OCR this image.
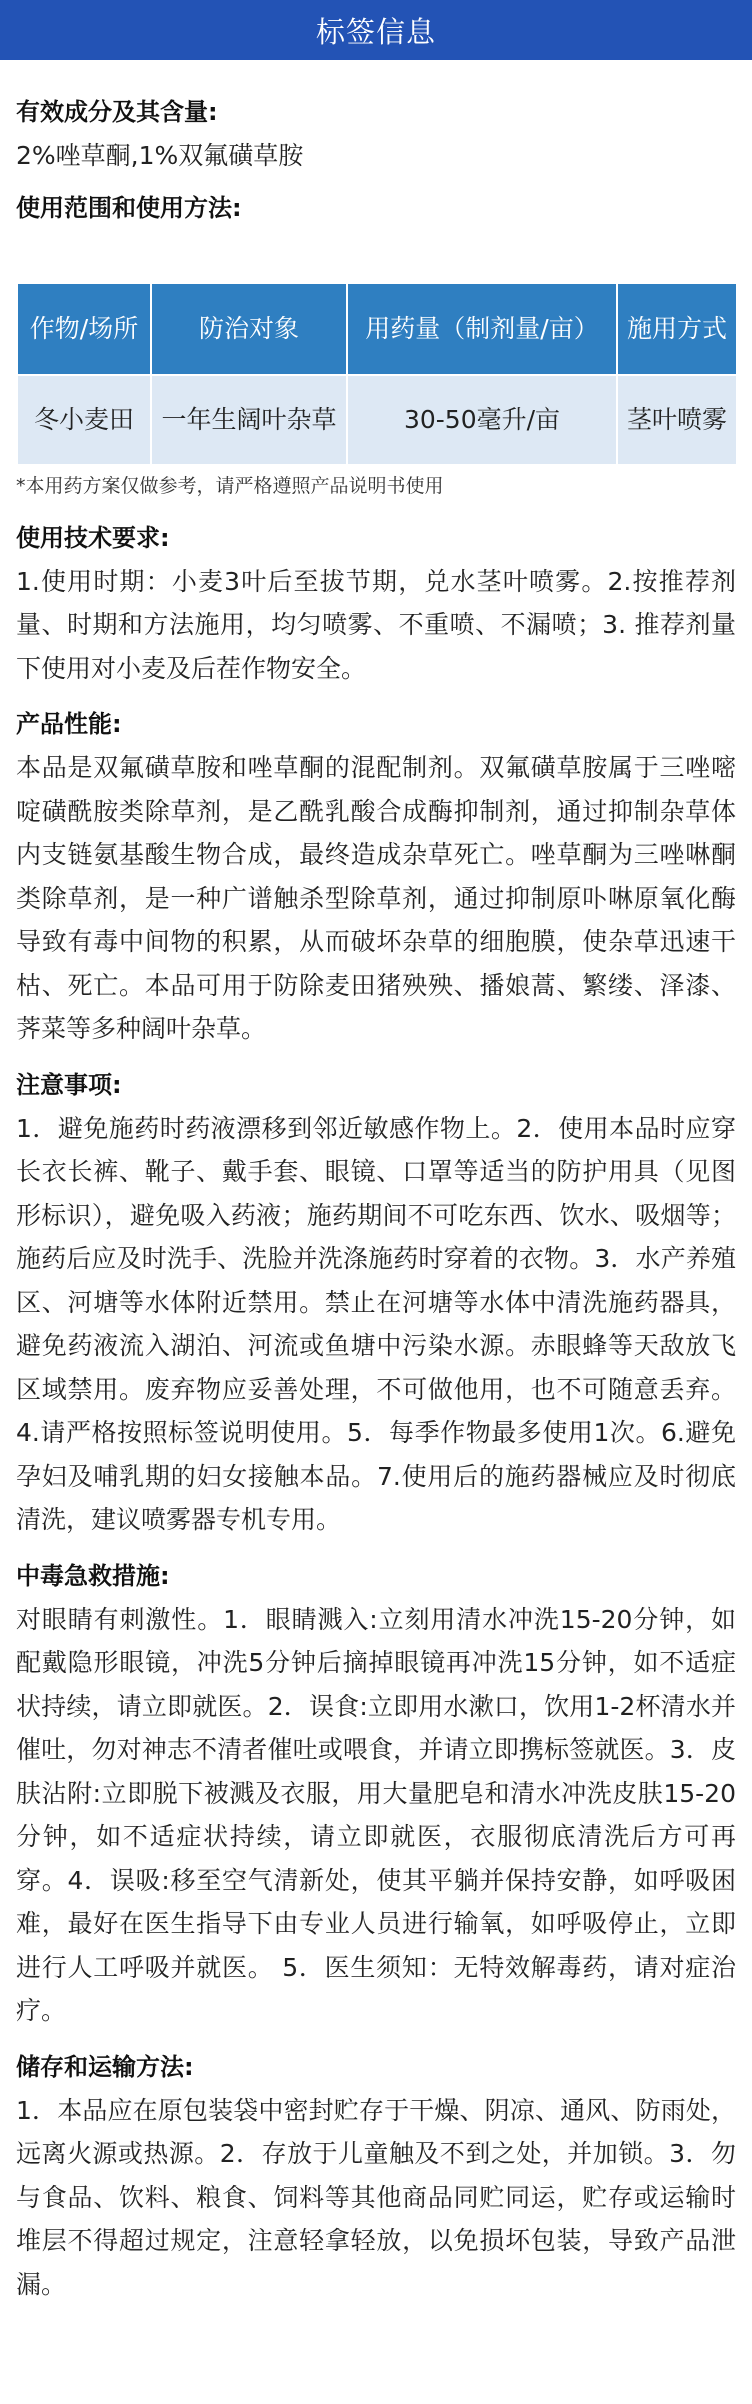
标签信息
有效成分及其含量:
2%唑草酮,1%双氟磺草胺
使用范围和使用方法:
作物/场所	防治对象	用药量（制剂量/亩）	施用方式
冬小麦田	一年生阔叶杂草	30-50毫升/亩	茎叶喷雾
*本用药方案仅做参考，请严格遵照产品说明书使用
使用技术要求:
1.使用时期：小麦3叶后至拔节期，兑水茎叶喷雾。2.按推荐剂量、时期和方法施用，均匀喷雾、不重喷、不漏喷；3. 推荐剂量下使用对小麦及后茬作物安全。
产品性能:
本品是双氟磺草胺和唑草酮的混配制剂。双氟磺草胺属于三唑嘧啶磺酰胺类除草剂，是乙酰乳酸合成酶抑制剂，通过抑制杂草体内支链氨基酸生物合成，最终造成杂草死亡。唑草酮为三唑啉酮类除草剂，是一种广谱触杀型除草剂，通过抑制原卟啉原氧化酶导致有毒中间物的积累，从而破坏杂草的细胞膜，使杂草迅速干枯、死亡。本品可用于防除麦田猪殃殃、播娘蒿、繁缕、泽漆、荠菜等多种阔叶杂草。
注意事项:
1．避免施药时药液漂移到邻近敏感作物上。2．使用本品时应穿长衣长裤、靴子、戴手套、眼镜、口罩等适当的防护用具（见图形标识），避免吸入药液；施药期间不可吃东西、饮水、吸烟等；施药后应及时洗手、洗脸并洗涤施药时穿着的衣物。3．水产养殖区、河塘等水体附近禁用。禁止在河塘等水体中清洗施药器具，避免药液流入湖泊、河流或鱼塘中污染水源。赤眼蜂等天敌放飞区域禁用。废弃物应妥善处理，不可做他用，也不可随意丢弃。4.请严格按照标签说明使用。5．每季作物最多使用1次。6.避免孕妇及哺乳期的妇女接触本品。7.使用后的施药器械应及时彻底清洗，建议喷雾器专机专用。
中毒急救措施:
对眼睛有刺激性。1．眼睛溅入:立刻用清水冲洗15-20分钟，如配戴隐形眼镜，冲洗5分钟后摘掉眼镜再冲洗15分钟，如不适症状持续，请立即就医。2．误食:立即用水漱口，饮用1-2杯清水并催吐，勿对神志不清者催吐或喂食，并请立即携标签就医。3．皮肤沾附:立即脱下被溅及衣服，用大量肥皂和清水冲洗皮肤15-20分钟，如不适症状持续，请立即就医，衣服彻底清洗后方可再穿。4．误吸:移至空气清新处，使其平躺并保持安静，如呼吸困难，最好在医生指导下由专业人员进行输氧，如呼吸停止，立即进行人工呼吸并就医。 5．医生须知：无特效解毒药，请对症治疗。
储存和运输方法:
1．本品应在原包装袋中密封贮存于干燥、阴凉、通风、防雨处，远离火源或热源。2．存放于儿童触及不到之处，并加锁。3．勿与食品、饮料、粮食、饲料等其他商品同贮同运，贮存或运输时堆层不得超过规定，注意轻拿轻放，以免损坏包装，导致产品泄漏。
